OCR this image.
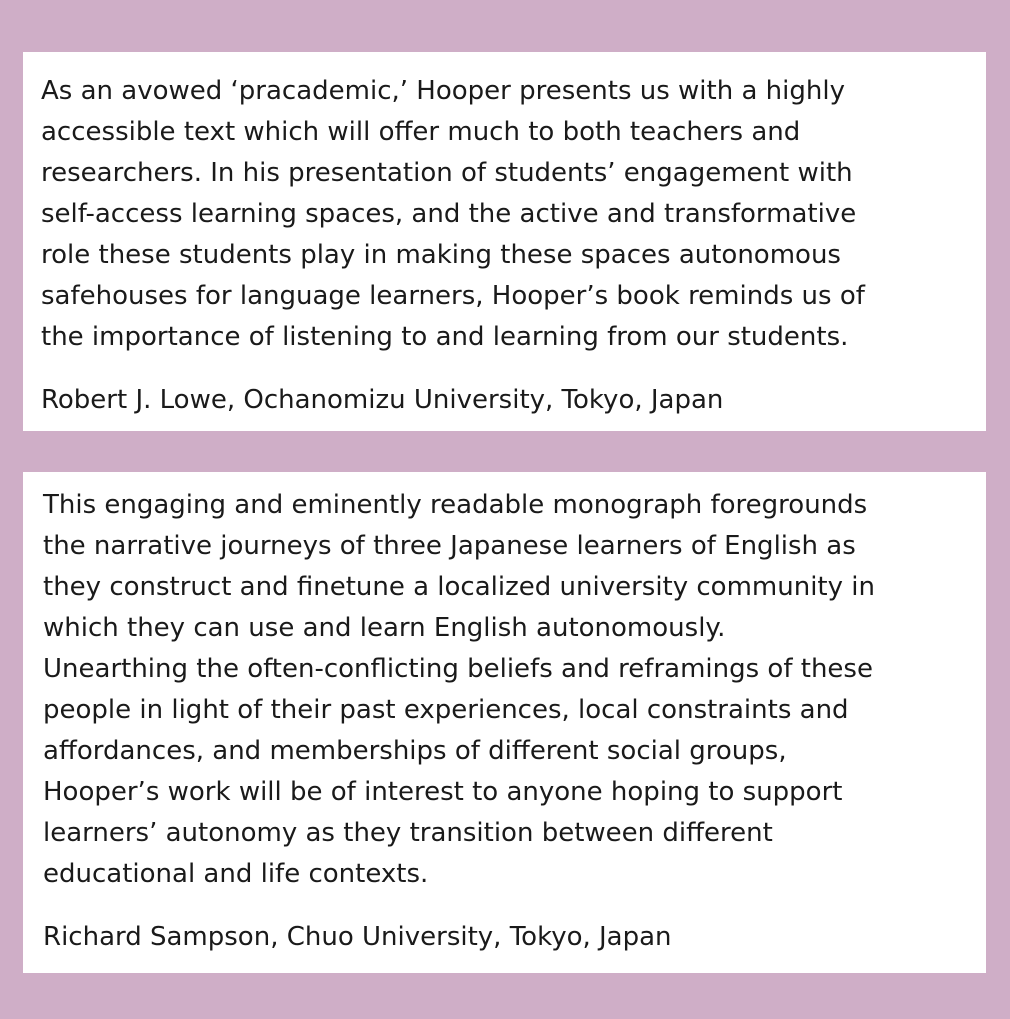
As an avowed ‘pracademic,’ Hooper presents us with a highly
accessible text which will offer much to both teachers and
researchers. In his presentation of students’ engagement with
self-access learning spaces, and the active and transformative
role these students play in making these spaces autonomous
safehouses for language learners, Hooper’s book reminds us of
the importance of listening to and learning from our students.
Robert J. Lowe, Ochanomizu University, Tokyo, Japan
This engaging and eminently readable monograph foregrounds
the narrative journeys of three Japanese learners of English as
they construct and finetune a localized university community in
which they can use and learn English autonomously.
Unearthing the often-conflicting beliefs and reframings of these
people in light of their past experiences, local constraints and
affordances, and memberships of different social groups,
Hooper’s work will be of interest to anyone hoping to support
learners’ autonomy as they transition between different
educational and life contexts.
Richard Sampson, Chuo University, Tokyo, Japan
